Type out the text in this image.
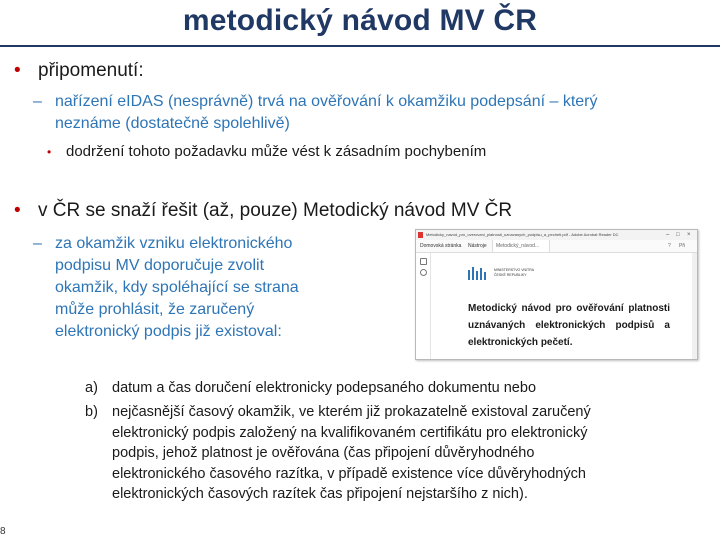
metodický návod MV ČR
• připomenutí:
– nařízení eIDAS (nesprávně) trvá na ověřování k okamžiku podepsání – který
neznáme (dostatečně spolehlivě)
• dodržení tohoto požadavku může vést k zásadním pochybením
• v ČR se snaží řešit (až, pouze) Metodický návod MV ČR
– za okamžik vzniku elektronického
podpisu MV doporučuje zvolit
okamžik, kdy spoléhající se strana
může prohlásit, že zaručený
elektronický podpis již existoval:
Metodicky_navod_pro_overovani_platnosti_uznavanych_podpisu_a_pecheti.pdf - Adobe Acrobat Reader DC	– □ ×
Domovská stránka Nástroje	Metodický_návod...	? Při
MINISTERSTVO VNITRA
ČESKÉ REPUBLIKY
Metodický návod pro ověřování platnosti uznávaných elektronických podpisů a elektronických pečetí.
a) datum a čas doručení elektronicky podepsaného dokumentu nebo
b) nejčasnější časový okamžik, ve kterém již prokazatelně existoval zaručený
elektronický podpis založený na kvalifikovaném certifikátu pro elektronický
podpis, jehož platnost je ověřována (čas připojení důvěryhodného
elektronického časového razítka, v případě existence více důvěryhodných
elektronických časových razítek čas připojení nejstaršího z nich).
8
